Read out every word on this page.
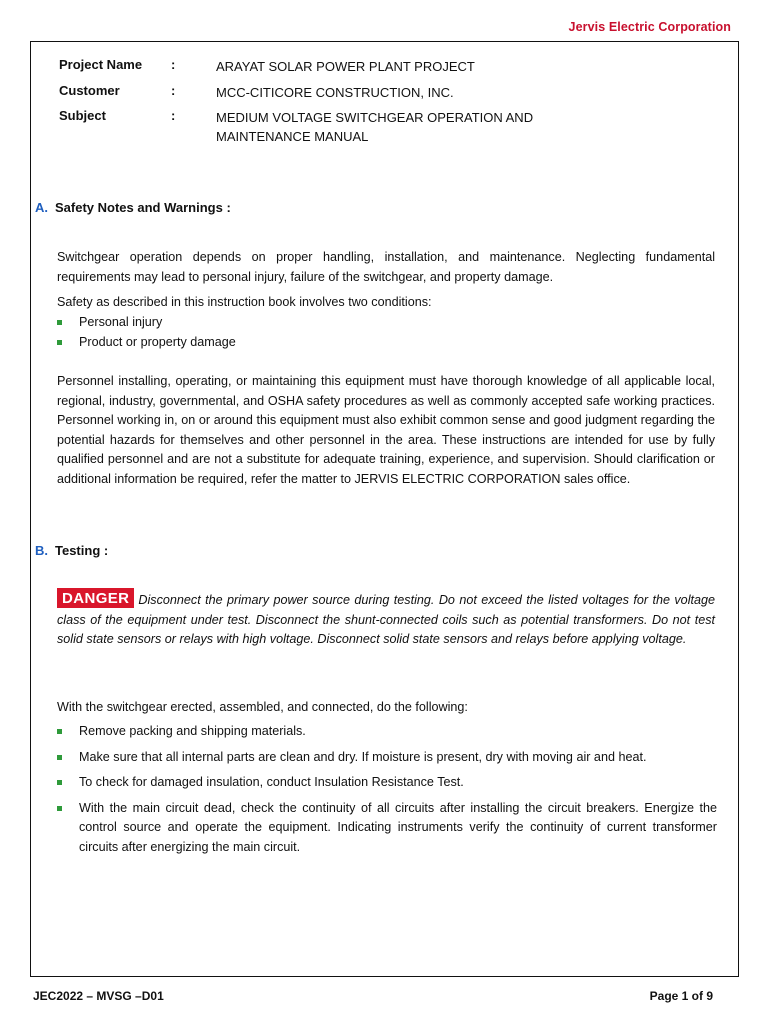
Jervis Electric Corporation
Project Name :	ARAYAT SOLAR POWER PLANT PROJECT
Customer	:	MCC-CITICORE CONSTRUCTION, INC.
Subject	:	MEDIUM VOLTAGE SWITCHGEAR OPERATION AND MAINTENANCE MANUAL
A. Safety Notes and Warnings :

Switchgear operation depends on proper handling, installation, and maintenance. Neglecting fundamental requirements may lead to personal injury, failure of the switchgear, and property damage.

Safety as described in this instruction book involves two conditions:

Personal injury
Product or property damage

Personnel installing, operating, or maintaining this equipment must have thorough knowledge of all applicable local, regional, industry, governmental, and OSHA safety procedures as well as commonly accepted safe working practices. Personnel working in, on or around this equipment must also exhibit common sense and good judgment regarding the potential hazards for themselves and other personnel in the area. These instructions are intended for use by fully qualified personnel and are not a substitute for adequate training, experience, and supervision. Should clarification or additional information be required, refer the matter to JERVIS ELECTRIC CORPORATION sales office.

B. Testing :

DANGER Disconnect the primary power source during testing. Do not exceed the listed voltages for the voltage class of the equipment under test. Disconnect the shunt-connected coils such as potential transformers. Do not test solid state sensors or relays with high voltage. Disconnect solid state sensors and relays before applying voltage.

With the switchgear erected, assembled, and connected, do the following:

Remove packing and shipping materials.
Make sure that all internal parts are clean and dry. If moisture is present, dry with moving air and heat.
To check for damaged insulation, conduct Insulation Resistance Test.
With the main circuit dead, check the continuity of all circuits after installing the circuit breakers. Energize the control source and operate the equipment. Indicating instruments verify the continuity of current transformer circuits after energizing the main circuit.
JEC2022 – MVSG –D01	Page 1 of 9
